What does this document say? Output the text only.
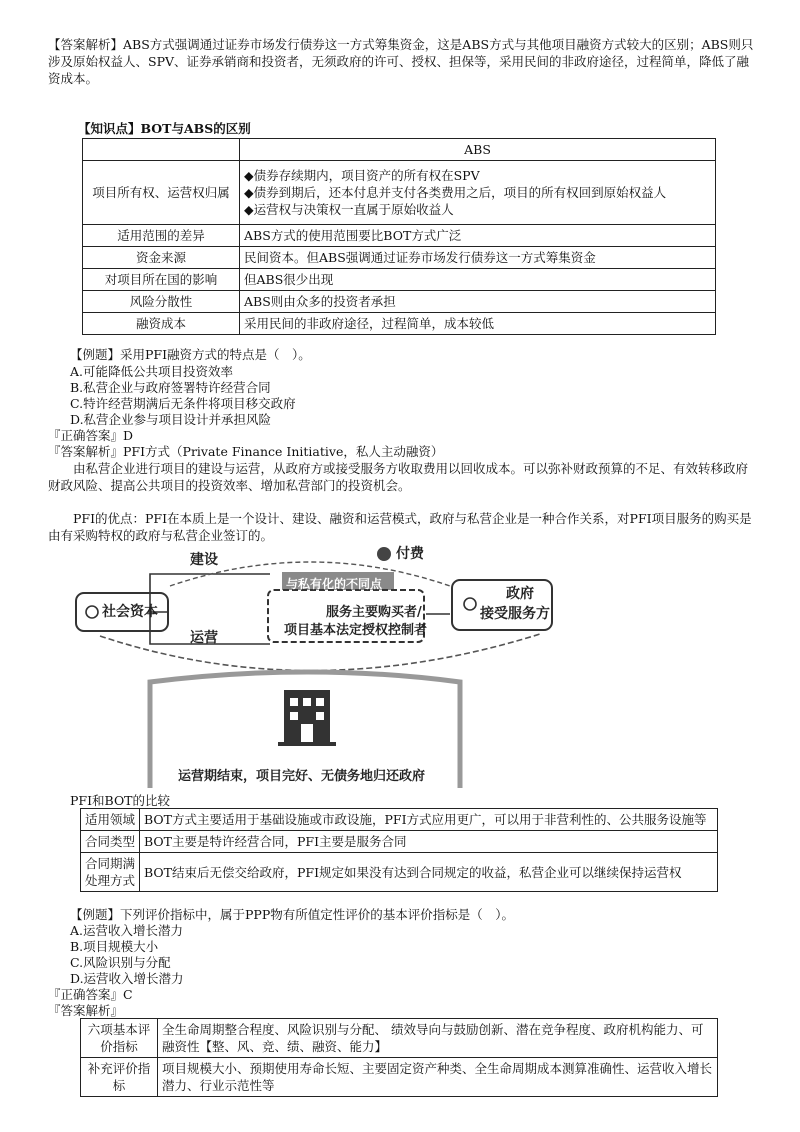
【答案解析】ABS方式强调通过证券市场发行债券这一方式筹集资金，这是ABS方式与其他项目融资方式较大的区别；ABS则只涉及原始权益人、SPV、证券承销商和投资者，无须政府的许可、授权、担保等，采用民间的非政府途径，过程简单，降低了融资成本。
【知识点】BOT与ABS的区别
	ABS
项目所有权、运营权归属	◆债券存续期内，项目资产的所有权在SPV
◆债券到期后，还本付息并支付各类费用之后，项目的所有权回到原始权益人
◆运营权与决策权一直属于原始收益人

适用范围的差异	ABS方式的使用范围要比BOT方式广泛
资金来源	民间资本。但ABS强调通过证券市场发行债券这一方式筹集资金
对项目所在国的影响	但ABS很少出现
风险分散性	ABS则由众多的投资者承担
融资成本	采用民间的非政府途径，过程简单，成本较低
【例题】采用PFI融资方式的特点是（　）。
A.可能降低公共项目投资效率
B.私营企业与政府签署特许经营合同
C.特许经营期满后无条件将项目移交政府
D.私营企业参与项目设计并承担风险
『正确答案』D
『答案解析』PFI方式（Private Finance Initiative，私人主动融资）
由私营企业进行项目的建设与运营，从政府方或接受服务方收取费用以回收成本。可以弥补财政预算的不足、有效转移政府财政风险、提高公共项目的投资效率、增加私营部门的投资机会。
PFI的优点：PFI在本质上是一个设计、建设、融资和运营模式，政府与私营企业是一种合作关系，对PFI项目服务的购买是由有采购特权的政府与私营企业签订的。
社会资本
建设
运营
付费
与私有化的不同点
服务主要购买者/
项目基本法定授权控制者
政府
接受服务方
运营期结束，项目完好、无债务地归还政府
PFI和BOT的比较
适用领域	BOT方式主要适用于基础设施或市政设施，PFI方式应用更广，可以用于非营利性的、公共服务设施等
合同类型	BOT主要是特许经营合同，PFI主要是服务合同
合同期满处理方式	BOT结束后无偿交给政府，PFI规定如果没有达到合同规定的收益，私营企业可以继续保持运营权
【例题】下列评价指标中，属于PPP物有所值定性评价的基本评价指标是（　）。
A.运营收入增长潜力
B.项目规模大小
C.风险识别与分配
D.运营收入增长潜力
『正确答案』C
『答案解析』
六项基本评价指标	全生命周期整合程度、风险识别与分配、 绩效导向与鼓励创新、潜在竞争程度、政府机构能力、可融资性【整、风、竞、绩、融资、能力】
补充评价指标	项目规模大小、预期使用寿命长短、主要固定资产种类、全生命周期成本测算准确性、运营收入增长潜力、行业示范性等
